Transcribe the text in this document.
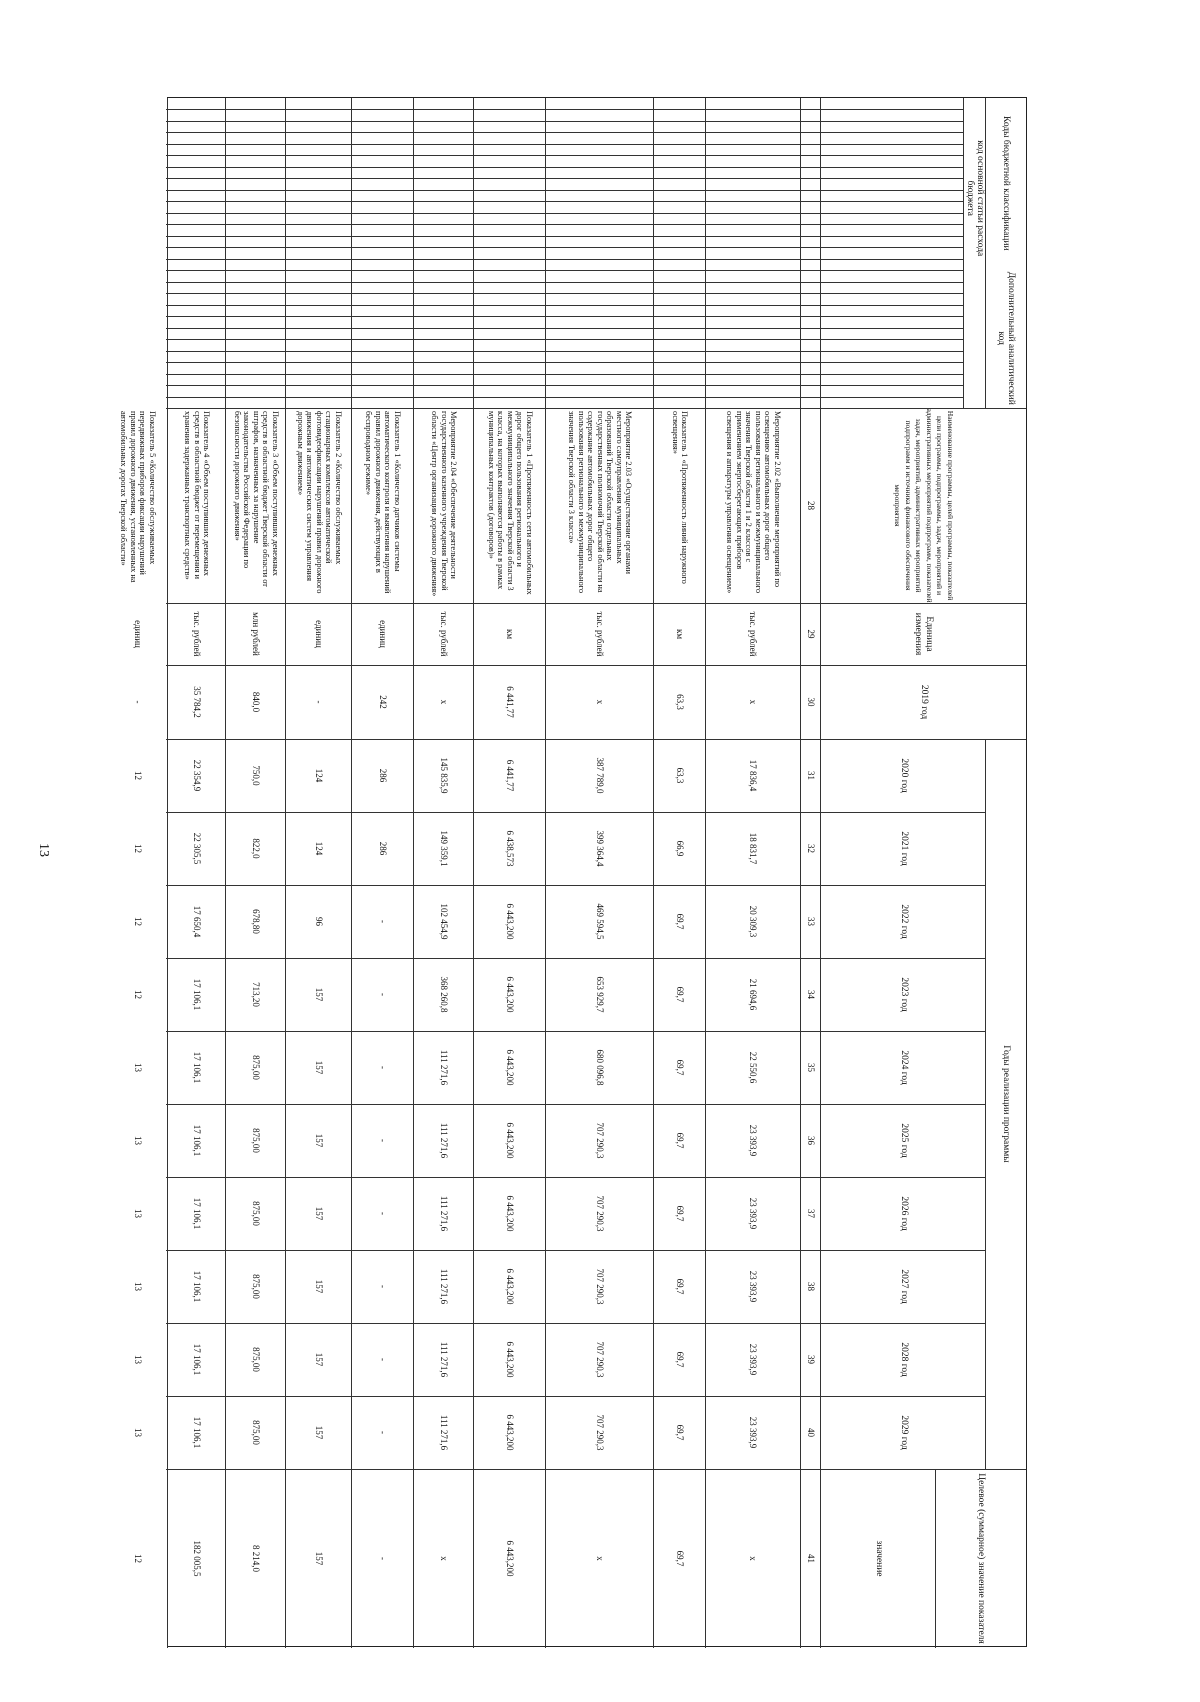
13
Коды бюджетной классификации
Дополнительный аналитический код
код основной статьи расхода бюджета
Наименование программы, целей программы, показателей цели программы, подпрограммы, задач, мероприятий и административных мероприятий подпрограмм, показателей задач, мероприятий, административных мероприятий подпрограмм и источника финансового обеспечения мероприятия
Единица измерения
2019 год
Годы реализации программы
2020 год
2021 год
2022 год
2023 год
2024 год
2025 год
2026 год
2027 год
2028 год
2029 год
Целевое (суммарное) значение показателя
значение
28
29
30
31
32
33
34
35
36
37
38
39
40
41
Мероприятие 2.02 «Выполнение мероприятий по освещению автомобильных дорог общего пользования регионального и межмуниципального значения Тверской области 1 и 2 классов с применением энергосберегающих приборов освещения и аппаратуры управления освещением»
тыс. рублей
х
17 836,4
18 831,7
20 309,3
21 694,6
22 550,6
23 393,9
23 393,9
23 393,9
23 393,9
23 393,9
х
Показатель 1 «Протяженность линий наружного освещения»
км
63,3
63,3
66,9
69,7
69,7
69,7
69,7
69,7
69,7
69,7
69,7
69,7
Мероприятие 2.03 «Осуществление органами местного самоуправления муниципальных образований Тверской области отдельных государственных полномочий Тверской области на содержание автомобильных дорог общего пользования регионального и межмуниципального значения Тверской области 3 класса»
тыс. рублей
х
387 789,0
399 364,4
469 594,5
653 929,7
680 096,8
707 290,3
707 290,3
707 290,3
707 290,3
707 290,3
х
Показатель 1 «Протяженность сети автомобильных дорог общего пользования регионального и межмуниципального значения Тверской области 3 класса, на которых выполняются работы в рамках муниципальных контрактов (договоров)»
км
6 441,77
6 441,77
6 438,573
6 443,200
6 443,200
6 443,200
6 443,200
6 443,200
6 443,200
6 443,200
6 443,200
6 443,200
Мероприятие 2.04 «Обеспечение деятельности государственного казенного учреждения Тверской области «Центр организации дорожного движения»
тыс. рублей
х
145 835,9
149 359,1
102 454,9
368 260,8
111 271,6
111 271,6
111 271,6
111 271,6
111 271,6
111 271,6
х
Показатель 1 «Количество датчиков системы автоматического контроля и выявления нарушений правил дорожного движения, действующих в беспроводном режиме»
единиц
242
286
286
-
-
-
-
-
-
-
-
-
Показатель 2 «Количество обслуживаемых стационарных комплексов автоматической фотовидеофиксации нарушений правил дорожного движения и автоматических систем управления дорожным движением»
единиц
-
124
124
96
157
157
157
157
157
157
157
157
Показатель 3 «Объем поступивших денежных средств в областной бюджет Тверской области от штрафов, назначенных за нарушение законодательства Российской Федерации по безопасности дорожного движения»
млн рублей
840,0
750,0
822,0
678,80
713,20
875,00
875,00
875,00
875,00
875,00
875,00
8 214,0
Показатель 4 «Объем поступивших денежных средств в областной бюджет от перемещения и хранения задержанных транспортных средств»
тыс. рублей
35 784,2
22 354,9
22 305,5
17 650,4
17 106,1
17 106,1
17 106,1
17 106,1
17 106,1
17 106,1
17 106,1
182 005,5
Показатель 5 «Количество обслуживаемых передвижных приборов фиксации нарушений правил дорожного движения, установленных на автомобильных дорогах Тверской области»
единиц
-
12
12
12
12
13
13
13
13
13
13
12
